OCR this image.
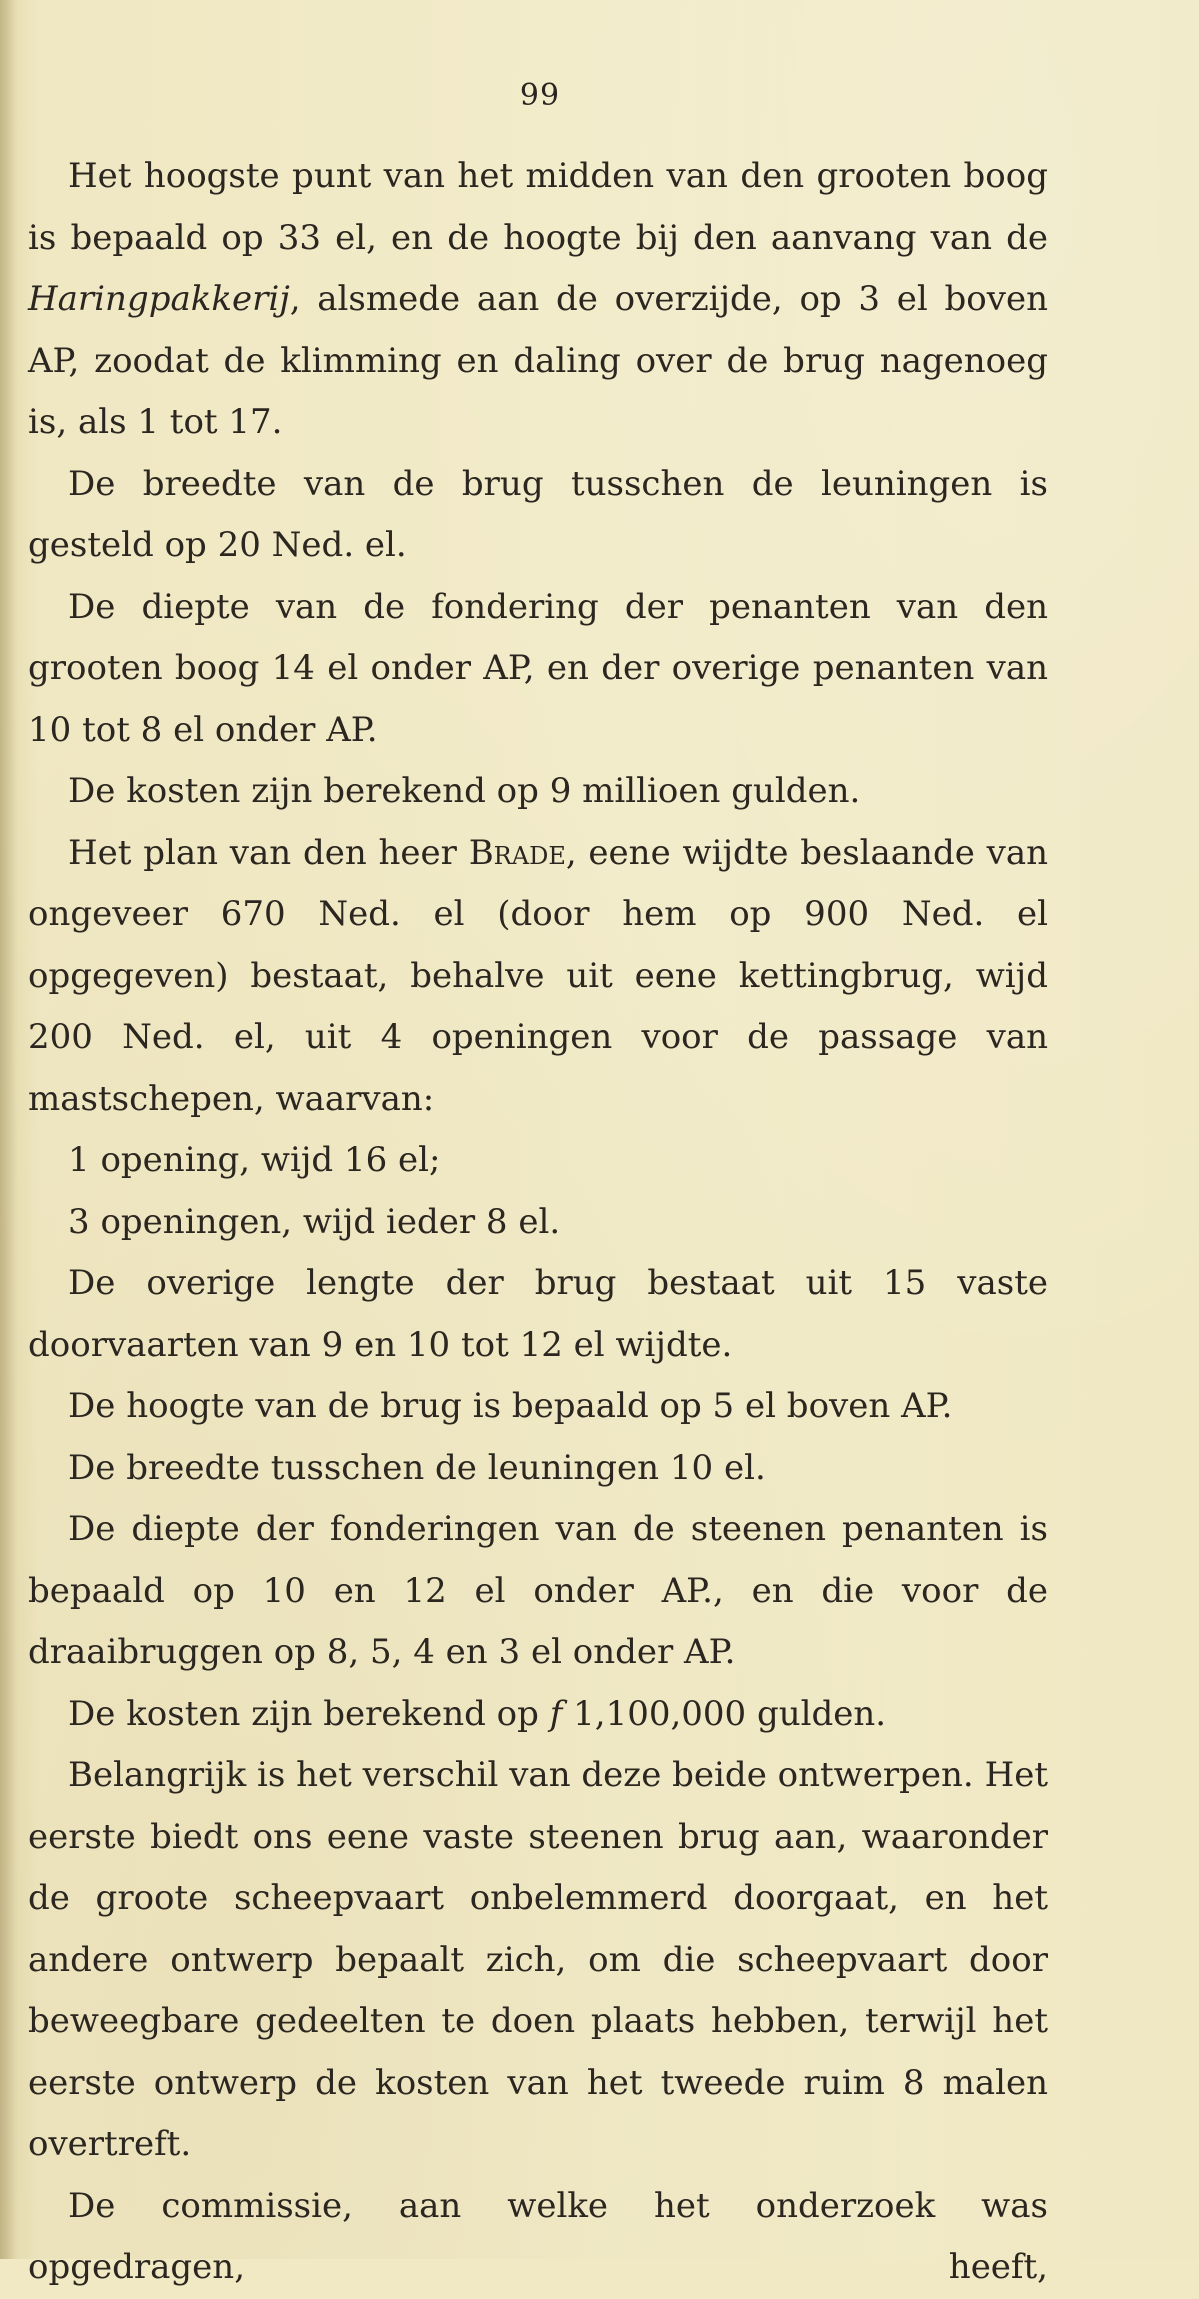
99

Het hoogste punt van het midden van den grooten boog is bepaald op 33 el, en de hoogte bij den aanvang van de Haringpakkerij, alsmede aan de overzijde, op 3 el boven AP, zoodat de klimming en daling over de brug nagenoeg is, als 1 tot 17.

De breedte van de brug tusschen de leuningen is gesteld op 20 Ned. el.

De diepte van de fondering der penanten van den grooten boog 14 el onder AP, en der overige penanten van 10 tot 8 el onder AP.

De kosten zijn berekend op 9 millioen gulden.

Het plan van den heer Brade, eene wijdte beslaande van ongeveer 670 Ned. el (door hem op 900 Ned. el opgegeven) bestaat, behalve uit eene kettingbrug, wijd 200 Ned. el, uit 4 openingen voor de passage van mastschepen, waarvan:

1 opening, wijd 16 el;

3 openingen, wijd ieder 8 el.

De overige lengte der brug bestaat uit 15 vaste doorvaarten van 9 en 10 tot 12 el wijdte.

De hoogte van de brug is bepaald op 5 el boven AP.

De breedte tusschen de leuningen 10 el.

De diepte der fonderingen van de steenen penanten is bepaald op 10 en 12 el onder AP., en die voor de draaibruggen op 8, 5, 4 en 3 el onder AP.

De kosten zijn berekend op f 1,100,000 gulden.

Belangrijk is het verschil van deze beide ontwerpen. Het eerste biedt ons eene vaste steenen brug aan, waaronder de groote scheepvaart onbelemmerd doorgaat, en het andere ontwerp bepaalt zich, om die scheepvaart door beweegbare gedeelten te doen plaats hebben, terwijl het eerste ontwerp de kosten van het tweede ruim 8 malen overtreft.

De commissie, aan welke het onderzoek was opgedragen, heeft,
